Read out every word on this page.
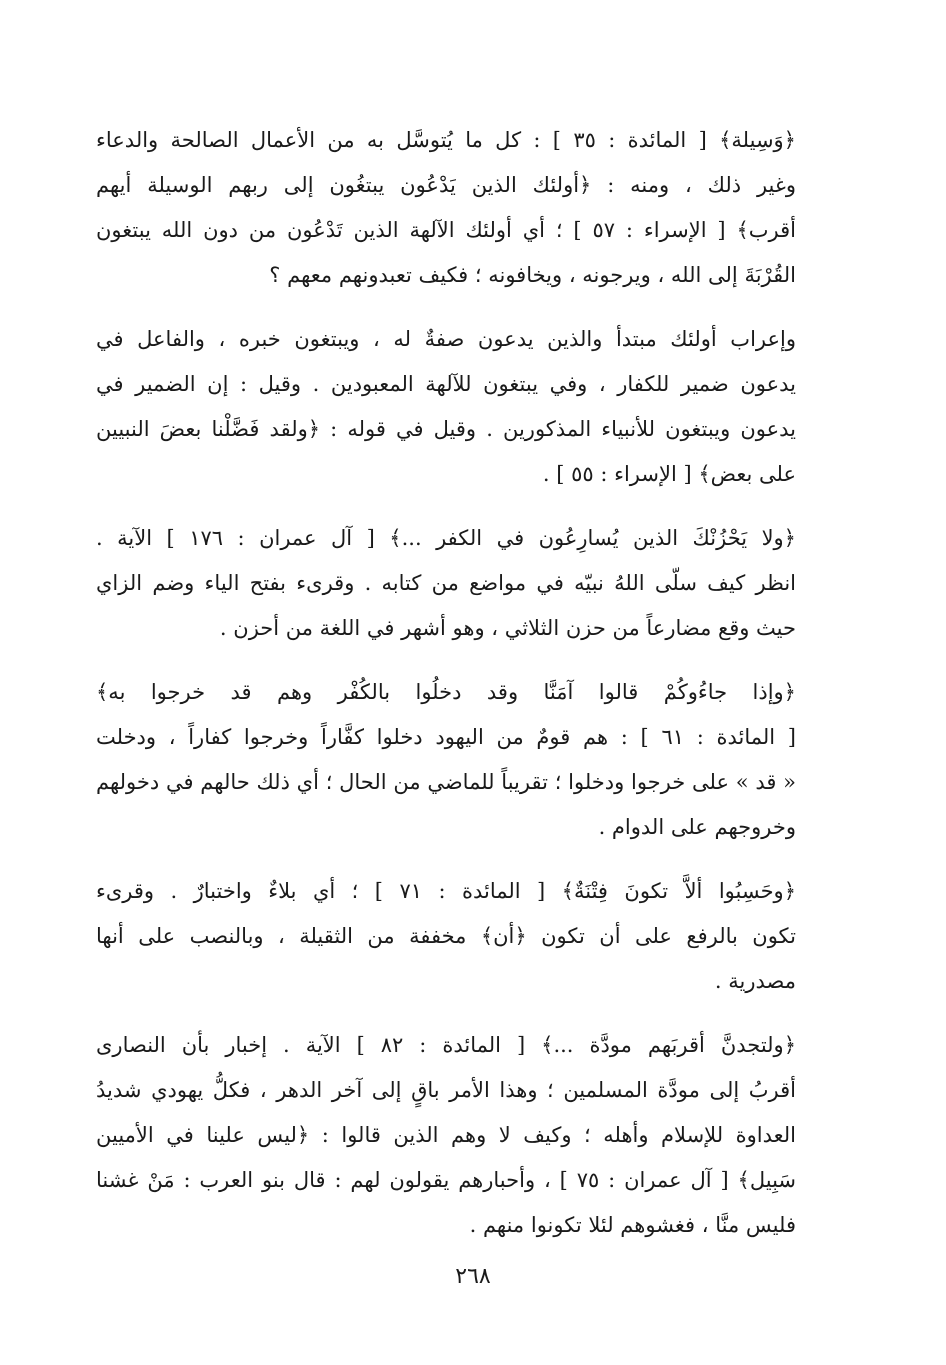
﴿وَسِيلة﴾ [ المائدة : ٣٥ ] : كل ما يُتوسَّل به من الأعمال الصالحة والدعاء
وغير ذلك ، ومنه : ﴿أولئك الذين يَدْعُون يبتغُون إلى ربهم الوسيلة أيهم
أقرب﴾ [ الإسراء : ٥٧ ] ؛ أي أولئك الآلهة الذين تَدْعُون من دون الله يبتغون
القُرْبَةَ إلى الله ، ويرجونه ، ويخافونه ؛ فكيف تعبدونهم معهم ؟
وإعراب أولئك مبتدأ والذين يدعون صفةٌ له ، ويبتغون خبره ، والفاعل في
يدعون ضمير للكفار ، وفي يبتغون للآلهة المعبودين . وقيل : إن الضمير في
يدعون ويبتغون للأنبياء المذكورين . وقيل في قوله : ﴿ولقد فَضَّلْنا بعضَ النبيين
على بعض﴾ [ الإسراء : ٥٥ ] .
﴿ولا يَحْزُنْكَ الذين يُسارِعُون في الكفر ...﴾ [ آل عمران : ١٧٦ ] الآية .
انظر كيف سلّى اللهُ نبيّه في مواضع من كتابه . وقرىء بفتح الياء وضم الزاي
حيث وقع مضارعاً من حزن الثلاثي ، وهو أشهر في اللغة من أحزن .
﴿وإذا جاءُوكُمْ قالوا آمَنَّا وقد دخلُوا بالكُفْر وهم قد خرجوا به﴾
[ المائدة : ٦١ ] : هم قومٌ من اليهود دخلوا كفَّاراً وخرجوا كفاراً ، ودخلت
« قد » على خرجوا ودخلوا ؛ تقريباً للماضي من الحال ؛ أي ذلك حالهم في دخولهم
وخروجهم على الدوام .
﴿وحَسِبُوا ألاَّ تكونَ فِتْنَةٌ﴾ [ المائدة : ٧١ ] ؛ أي بلاءٌ واختبارٌ . وقرىء
تكون بالرفع على أن تكون ﴿أن﴾ مخففة من الثقيلة ، وبالنصب على أنها
مصدرية .
﴿ولتجدنَّ أقربَهم مودَّة ...﴾ [ المائدة : ٨٢ ] الآية . إخبار بأن النصارى
أقربُ إلى مودَّة المسلمين ؛ وهذا الأمر باقٍ إلى آخر الدهر ، فكلُّ يهودي شديدُ
العداوة للإسلام وأهله ؛ وكيف لا وهم الذين قالوا : ﴿ليس علينا في الأميين
سَبِيل﴾ [ آل عمران : ٧٥ ] ، وأحبارهم يقولون لهم : قال بنو العرب : مَنْ غشنا
فليس منَّا ، فغشوهم لئلا تكونوا منهم .
٢٦٨
